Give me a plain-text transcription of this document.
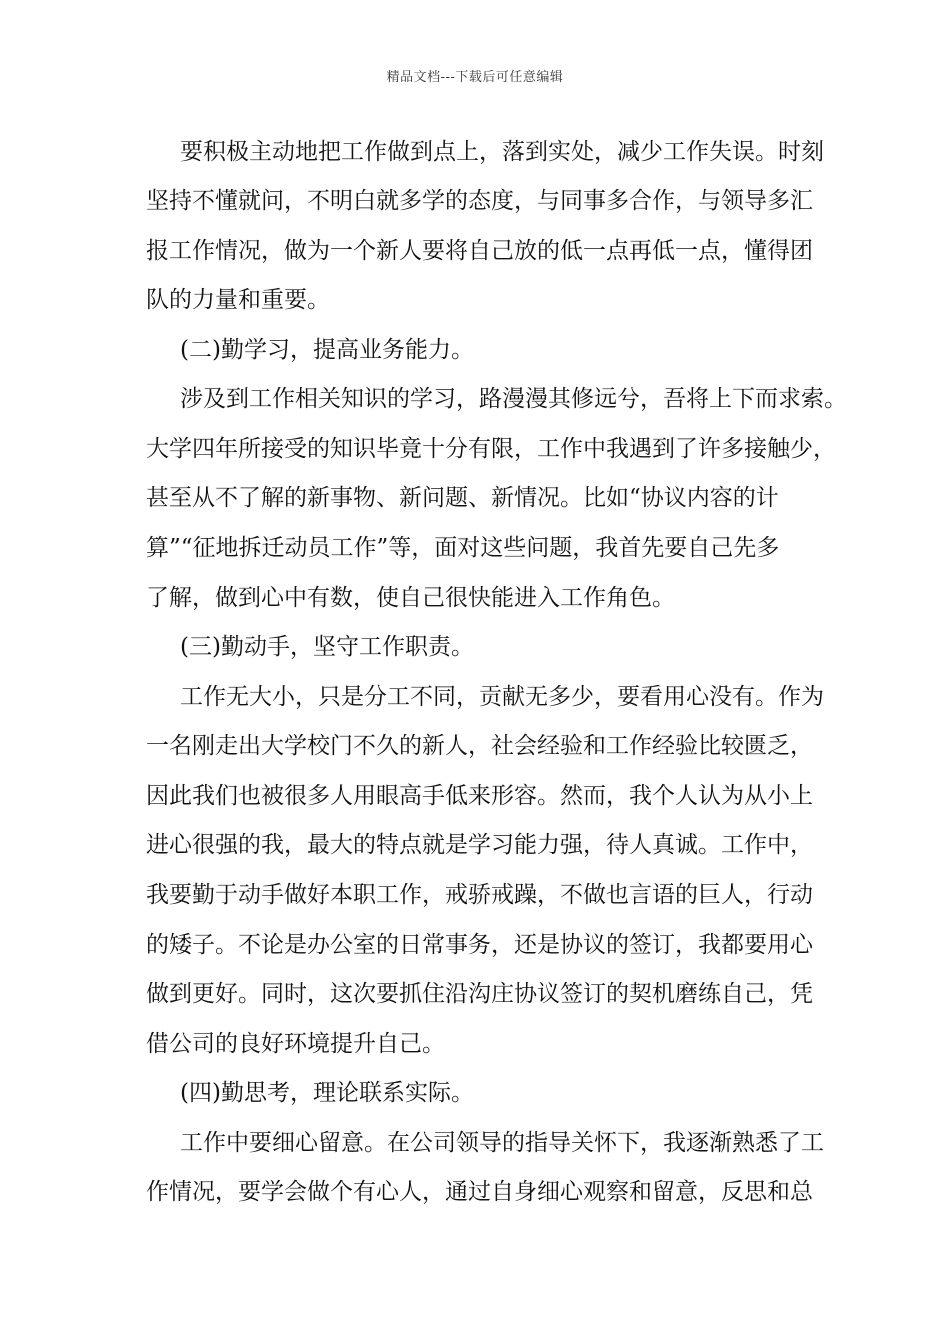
精品文档---下载后可任意编辑
要积极主动地把工作做到点上，落到实处，减少工作失误。时刻
坚持不懂就问，不明白就多学的态度，与同事多合作，与领导多汇
报工作情况，做为一个新人要将自己放的低一点再低一点，懂得团
队的力量和重要。
(二)勤学习，提高业务能力。
涉及到工作相关知识的学习，路漫漫其修远兮，吾将上下而求索。
大学四年所接受的知识毕竟十分有限，工作中我遇到了许多接触少，
甚至从不了解的新事物、新问题、新情况。比如“协议内容的计
算”“征地拆迁动员工作”等，面对这些问题，我首先要自己先多
了解，做到心中有数，使自己很快能进入工作角色。
(三)勤动手，坚守工作职责。
工作无大小，只是分工不同，贡献无多少，要看用心没有。作为
一名刚走出大学校门不久的新人，社会经验和工作经验比较匮乏，
因此我们也被很多人用眼高手低来形容。然而，我个人认为从小上
进心很强的我，最大的特点就是学习能力强，待人真诚。工作中，
我要勤于动手做好本职工作，戒骄戒躁，不做也言语的巨人，行动
的矮子。不论是办公室的日常事务，还是协议的签订，我都要用心
做到更好。同时，这次要抓住沿沟庄协议签订的契机磨练自己，凭
借公司的良好环境提升自己。
(四)勤思考，理论联系实际。
工作中要细心留意。在公司领导的指导关怀下，我逐渐熟悉了工
作情况，要学会做个有心人，通过自身细心观察和留意，反思和总
